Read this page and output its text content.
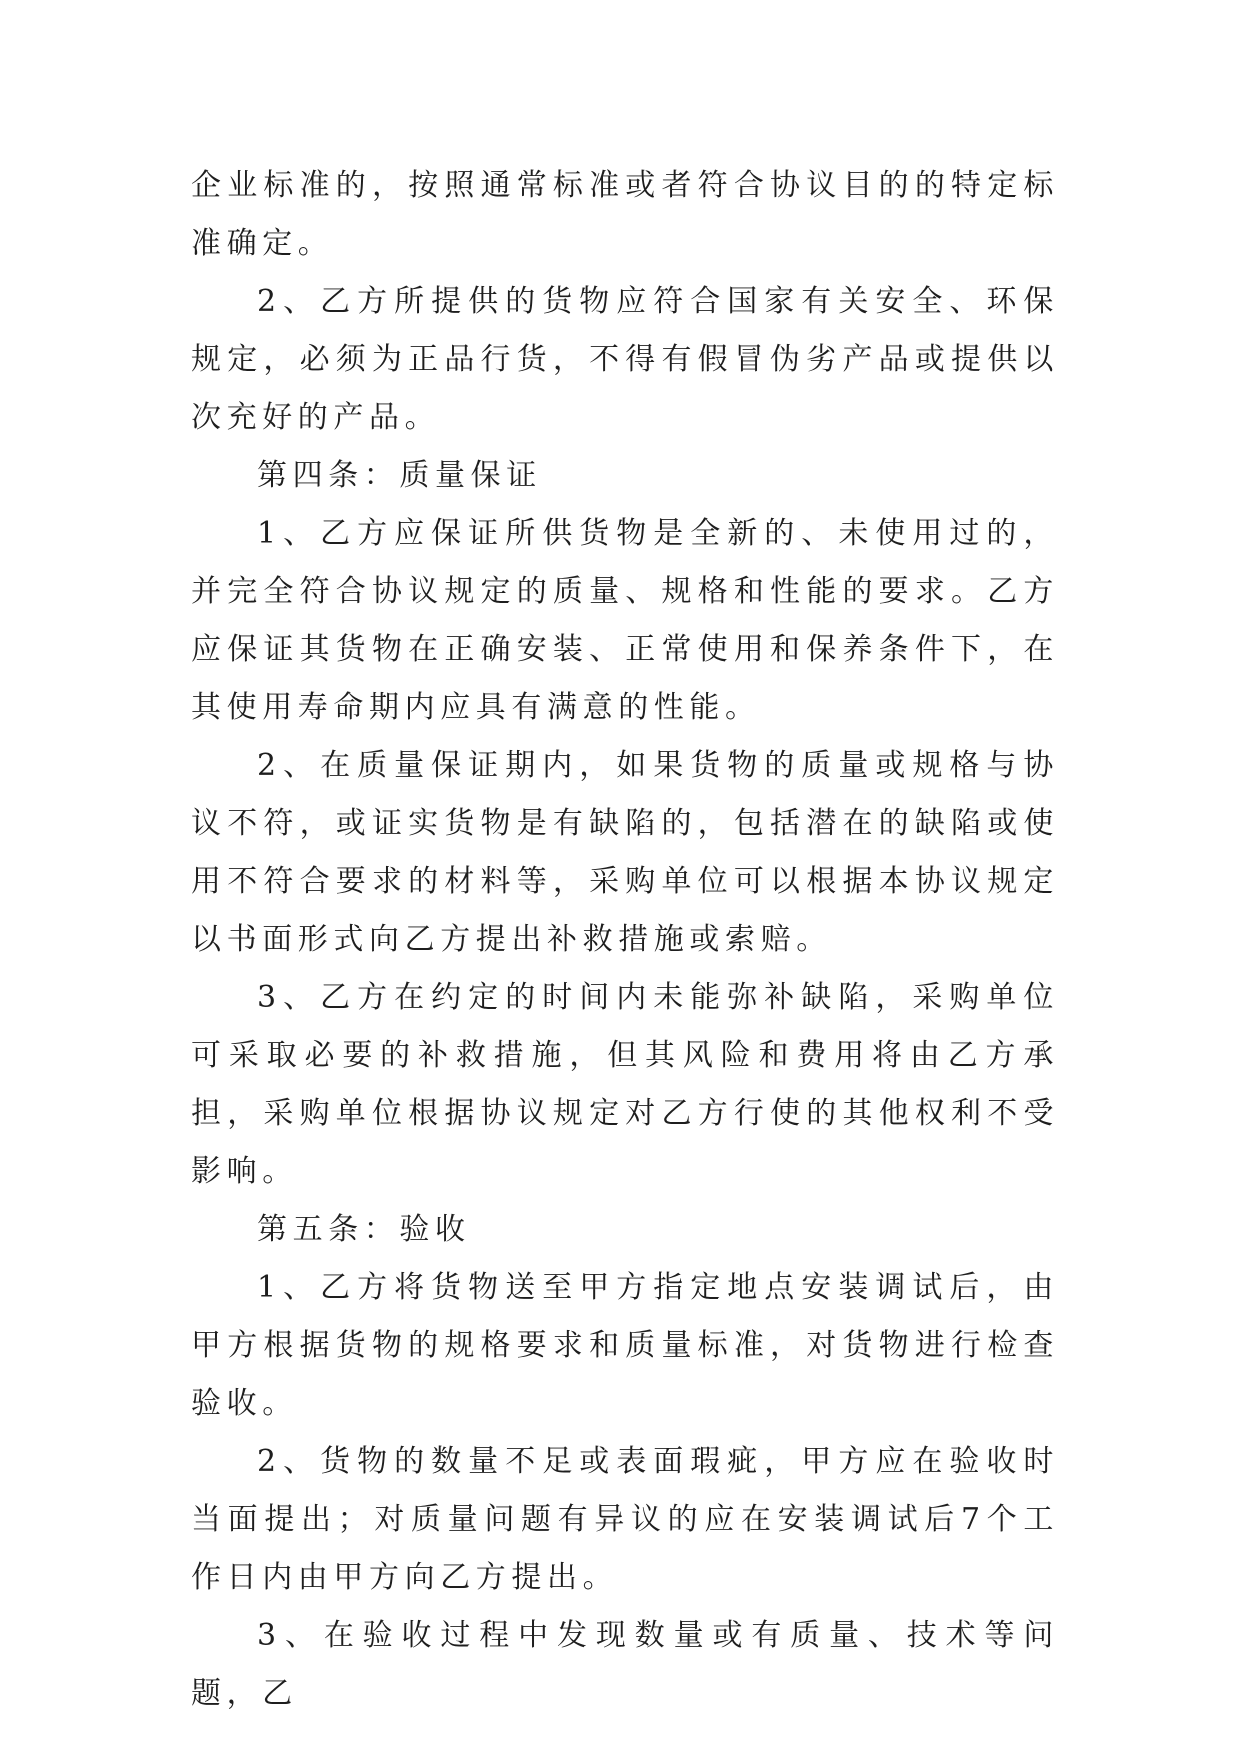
企业标准的，按照通常标准或者符合协议目的的特定标准确定。

2、乙方所提供的货物应符合国家有关安全、环保规定，必须为正品行货，不得有假冒伪劣产品或提供以次充好的产品。

第四条：质量保证

1、乙方应保证所供货物是全新的、未使用过的，并完全符合协议规定的质量、规格和性能的要求。乙方应保证其货物在正确安装、正常使用和保养条件下，在其使用寿命期内应具有满意的性能。

2、在质量保证期内，如果货物的质量或规格与协议不符，或证实货物是有缺陷的，包括潜在的缺陷或使用不符合要求的材料等，采购单位可以根据本协议规定以书面形式向乙方提出补救措施或索赔。

3、乙方在约定的时间内未能弥补缺陷，采购单位可采取必要的补救措施，但其风险和费用将由乙方承担，采购单位根据协议规定对乙方行使的其他权利不受影响。

第五条：验收

1、乙方将货物送至甲方指定地点安装调试后，由甲方根据货物的规格要求和质量标准，对货物进行检查验收。

2、货物的数量不足或表面瑕疵，甲方应在验收时当面提出；对质量问题有异议的应在安装调试后7个工作日内由甲方向乙方提出。

3、在验收过程中发现数量或有质量、技术等问题，乙
